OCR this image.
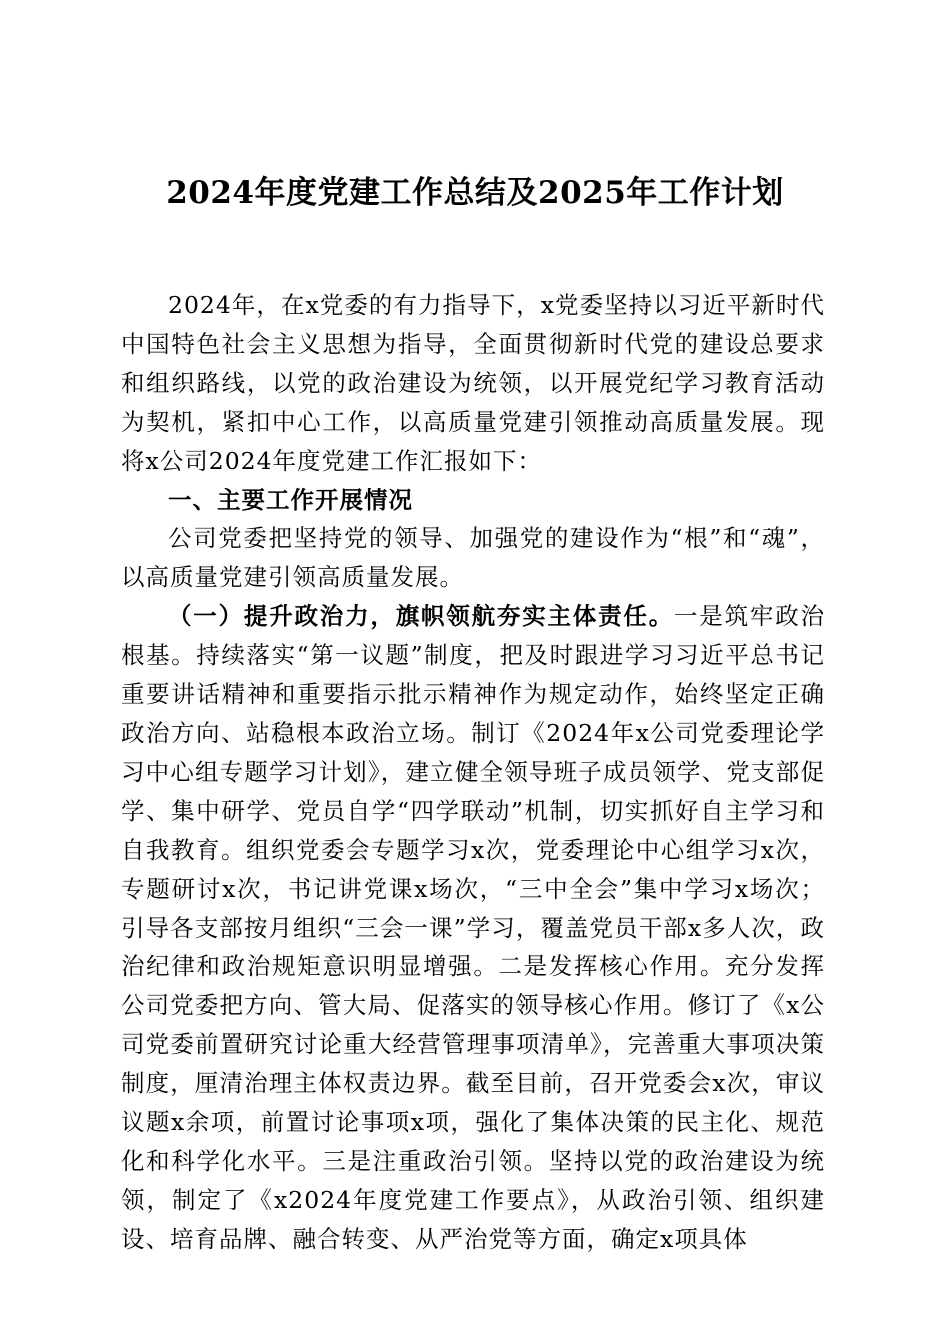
2024年度党建工作总结及2025年工作计划

2024年，在x党委的有力指导下，x党委坚持以习近平新时代中国特色社会主义思想为指导，全面贯彻新时代党的建设总要求和组织路线，以党的政治建设为统领，以开展党纪学习教育活动为契机，紧扣中心工作，以高质量党建引领推动高质量发展。现将x公司2024年度党建工作汇报如下：

一、主要工作开展情况

公司党委把坚持党的领导、加强党的建设作为“根”和“魂”，以高质量党建引领高质量发展。

（一）提升政治力，旗帜领航夯实主体责任。一是筑牢政治根基。持续落实“第一议题”制度，把及时跟进学习习近平总书记重要讲话精神和重要指示批示精神作为规定动作，始终坚定正确政治方向、站稳根本政治立场。制订《2024年x公司党委理论学习中心组专题学习计划》，建立健全领导班子成员领学、党支部促学、集中研学、党员自学“四学联动”机制，切实抓好自主学习和自我教育。组织党委会专题学习x次，党委理论中心组学习x次，专题研讨x次，书记讲党课x场次，“三中全会”集中学习x场次；引导各支部按月组织“三会一课”学习，覆盖党员干部x多人次，政治纪律和政治规矩意识明显增强。二是发挥核心作用。充分发挥公司党委把方向、管大局、促落实的领导核心作用。修订了《x公司党委前置研究讨论重大经营管理事项清单》，完善重大事项决策制度，厘清治理主体权责边界。截至目前，召开党委会x次，审议议题x余项，前置讨论事项x项，强化了集体决策的民主化、规范化和科学化水平。三是注重政治引领。坚持以党的政治建设为统领，制定了《x2024年度党建工作要点》，从政治引领、组织建设、培育品牌、融合转变、从严治党等方面，确定x项具体
